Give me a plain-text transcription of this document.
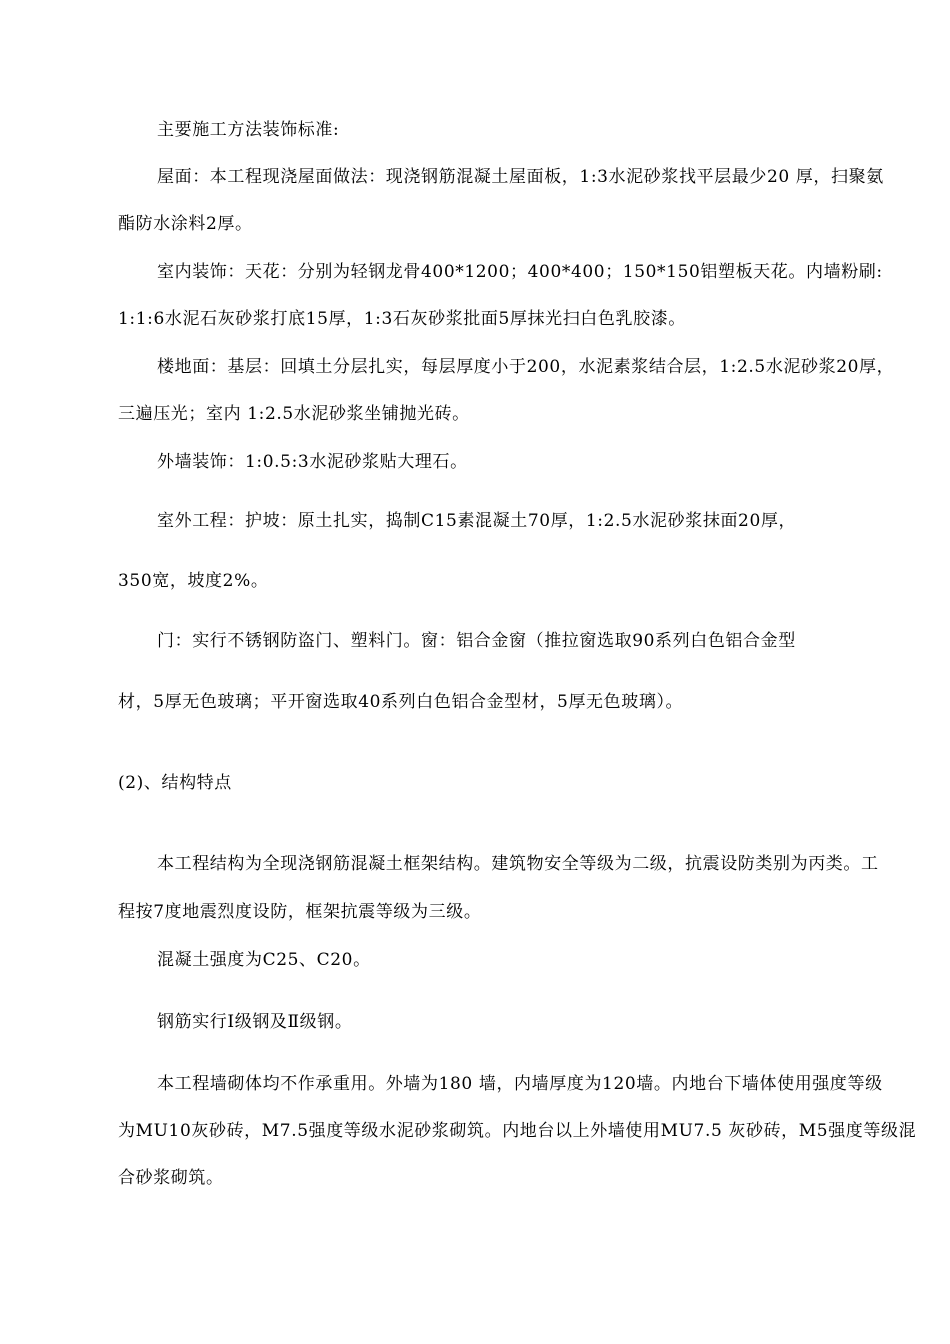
主要施工方法装饰标准:
屋面：本工程现浇屋面做法：现浇钢筋混凝土屋面板，1:3水泥砂浆找平层最少20 厚，扫聚氨
酯防水涂料2厚。
室内装饰：天花：分别为轻钢龙骨400*1200；400*400；150*150铝塑板天花。内墙粉刷:
1:1:6水泥石灰砂浆打底15厚，1:3石灰砂浆批面5厚抹光扫白色乳胶漆。
楼地面：基层：回填土分层扎实，每层厚度小于200，水泥素浆结合层，1:2.5水泥砂浆20厚，
三遍压光；室内 1:2.5水泥砂浆坐铺抛光砖。
外墙装饰：1:0.5:3水泥砂浆贴大理石。
室外工程：护坡：原土扎实，捣制C15素混凝土70厚，1:2.5水泥砂浆抹面20厚，
350宽，坡度2%。
门：实行不锈钢防盗门、塑料门。窗：铝合金窗（推拉窗选取90系列白色铝合金型
材，5厚无色玻璃；平开窗选取40系列白色铝合金型材，5厚无色玻璃）。
(2)、结构特点
本工程结构为全现浇钢筋混凝土框架结构。建筑物安全等级为二级，抗震设防类别为丙类。工
程按7度地震烈度设防，框架抗震等级为三级。
混凝土强度为C25、C20。
钢筋实行Ⅰ级钢及Ⅱ级钢。
本工程墙砌体均不作承重用。外墙为180 墙，内墙厚度为120墙。内地台下墙体使用强度等级
为MU10灰砂砖，M7.5强度等级水泥砂浆砌筑。内地台以上外墙使用MU7.5 灰砂砖，M5强度等级混
合砂浆砌筑。
